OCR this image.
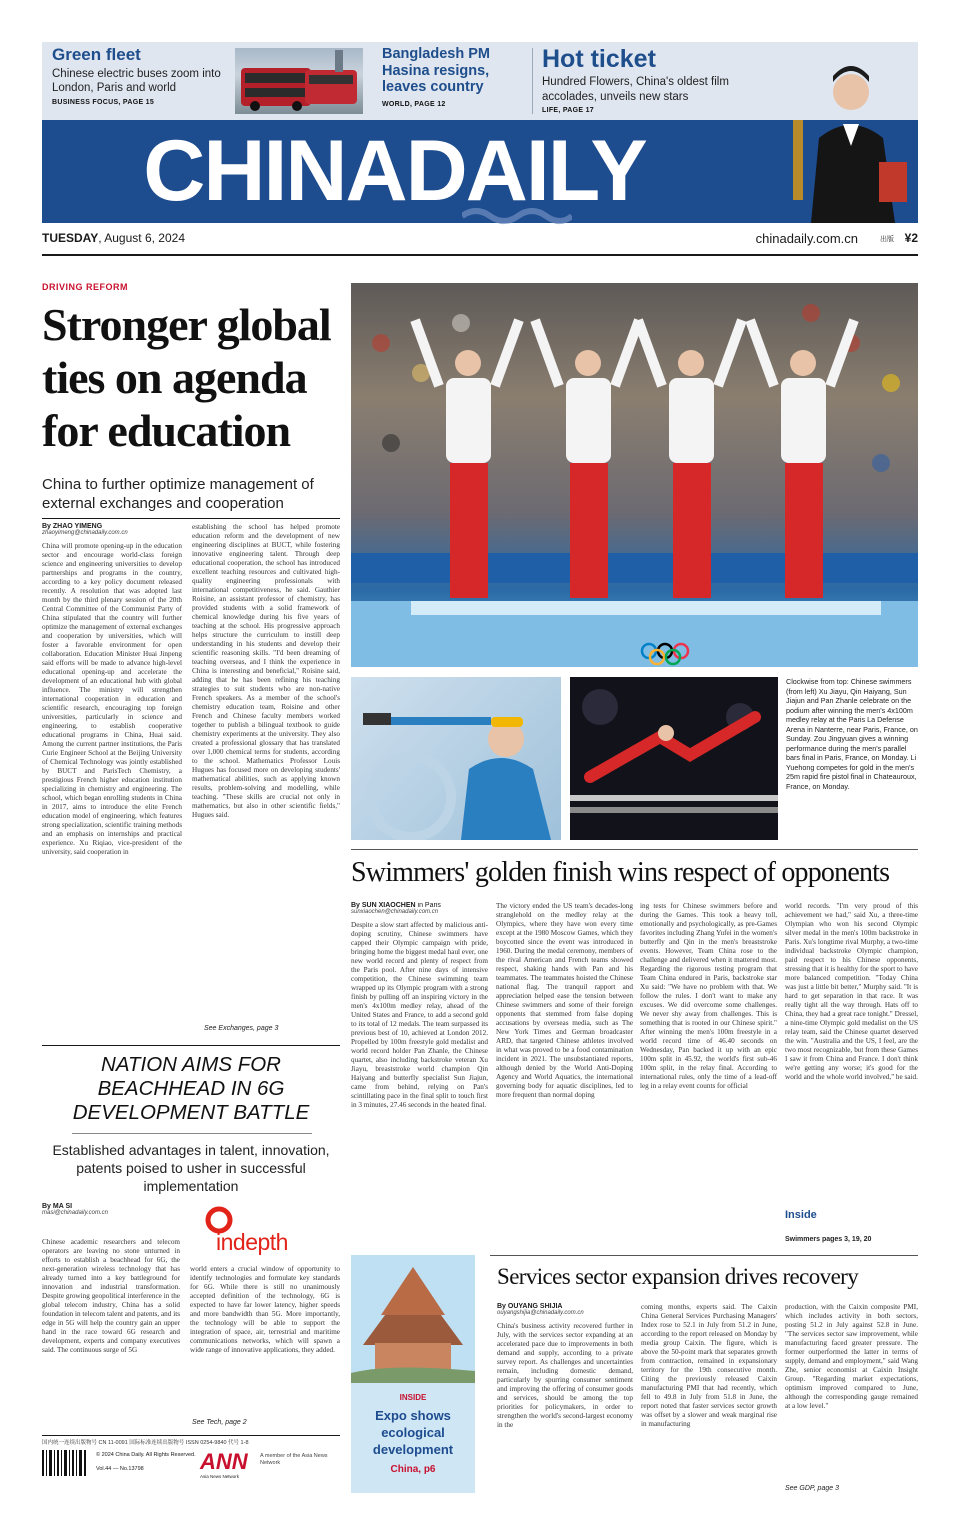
Green fleet

Chinese electric buses zoom into London, Paris and world

BUSINESS FOCUS, PAGE 15
Bangladesh PM Hasina resigns, leaves country
WORLD, PAGE 12
Hot ticket

Hundred Flowers, China's oldest film accolades, unveils new stars

LIFE, PAGE 17
CHINADAILY
TUESDAY, August 6, 2024	chinadaily.com.cn	出版 ¥2
DRIVING REFORM
Stronger global ties on agenda for education
China to further optimize management of external exchanges and cooperation
By ZHAO YIMENG
zhaoyimeng@chinadaily.com.cn

China will promote opening-up in the education sector and encourage world-class foreign science and engineering universities to develop partnerships and programs in the country, according to a key policy document released recently. A resolution that was adopted last month by the third plenary session of the 20th Central Committee of the Communist Party of China stipulated that the country will further optimize the management of external exchanges and cooperation by universities, which will foster a favorable environment for open collaboration. Education Minister Huai Jinpeng said efforts will be made to advance high-level educational opening-up and accelerate the development of an educational hub with global influence. The ministry will strengthen international cooperation in education and scientific research, encouraging top foreign universities, particularly in science and engineering, to establish cooperative educational programs in China, Huai said. Among the current partner institutions, the Paris Curie Engineer School at the Beijing University of Chemical Technology was jointly established by BUCT and ParisTech Chemistry, a prestigious French higher education institution specializing in chemistry and engineering. The school, which began enrolling students in China in 2017, aims to introduce the elite French education model of engineering, which features strong specialization, scientific training methods and an emphasis on internships and practical experience. Xu Riqiao, vice-president of the university, said cooperation in

establishing the school has helped promote education reform and the development of new engineering disciplines at BUCT, while fostering innovative engineering talent. Through deep educational cooperation, the school has introduced excellent teaching resources and cultivated high-quality engineering professionals with international competitiveness, he said. Gauthier Roisine, an assistant professor of chemistry, has provided students with a solid framework of chemical knowledge during his five years of teaching at the school. His progressive approach helps structure the curriculum to instill deep understanding in his students and develop their scientific reasoning skills. "I'd been dreaming of teaching overseas, and I think the experience in China is interesting and beneficial," Roisine said, adding that he has been refining his teaching strategies to suit students who are non-native French speakers. As a member of the school's chemistry education team, Roisine and other French and Chinese faculty members worked together to publish a bilingual textbook to guide chemistry experiments at the university. They also created a professional glossary that has translated over 1,000 chemical terms for students, according to the school. Mathematics Professor Louis Hugues has focused more on developing students' mathematical abilities, such as applying known results, problem-solving and modelling, while teaching. "These skills are crucial not only in mathematics, but also in other scientific fields," Hugues said.

See Exchanges, page 3
NATION AIMS FOR BEACHHEAD IN 6G DEVELOPMENT BATTLE
Established advantages in talent, innovation, patents poised to usher in successful implementation
By MA SI
masi@chinadaily.com.cn
indepth

Chinese academic researchers and telecom operators are leaving no stone unturned in efforts to establish a beachhead for 6G, the next-generation wireless technology that has already turned into a key battleground for innovation and industrial transformation. Despite growing geopolitical interference in the global telecom industry, China has a solid foundation in telecom talent and patents, and its edge in 5G will help the country gain an upper hand in the race toward 6G research and development, experts and company executives said. The continuous surge of 5G

world enters a crucial window of opportunity to identify technologies and formulate key standards for 6G. While there is still no unanimously accepted definition of the technology, 6G is expected to have far lower latency, higher speeds and more bandwidth than 5G. More importantly, the technology will be able to support the integration of space, air, terrestrial and maritime communications networks, which will spawn a wide range of innovative applications, they added.

See Tech, page 2
国内统一连续出版物号 CN 11-0091 国际标准连续出版物号 ISSN 0254-9840 代号 1-8
© 2024 China Daily. All Rights Reserved.
Vol.44 — No.13798	ANN
Asia News Network
A member of the Asia News Network
Clockwise from top: Chinese swimmers (from left) Xu Jiayu, Qin Haiyang, Sun Jiajun and Pan Zhanle celebrate on the podium after winning the men's 4x100m medley relay at the Paris La Defense Arena in Nanterre, near Paris, France, on Sunday. Zou Jingyuan gives a winning performance during the men's parallel bars final in Paris, France, on Monday. Li Yuehong competes for gold in the men's 25m rapid fire pistol final in Chateauroux, France, on Monday.
Swimmers' golden finish wins respect of opponents
By SUN XIAOCHEN in Paris
sunxiaochen@chinadaily.com.cn

Despite a slow start affected by malicious anti-doping scrutiny, Chinese swimmers have capped their Olympic campaign with pride, bringing home the biggest medal haul ever, one new world record and plenty of respect from the Paris pool. After nine days of intensive competition, the Chinese swimming team wrapped up its Olympic program with a strong finish by pulling off an inspiring victory in the men's 4x100m medley relay, ahead of the United States and France, to add a second gold to its total of 12 medals. The team surpassed its previous best of 10, achieved at London 2012. Propelled by 100m freestyle gold medalist and world record holder Pan Zhanle, the Chinese quartet, also including backstroke veteran Xu Jiayu, breaststroke world champion Qin Haiyang and butterfly specialist Sun Jiajun, came from behind, relying on Pan's scintillating pace in the final split to touch first in 3 minutes, 27.46 seconds in the heated final.

The victory ended the US team's decades-long stranglehold on the medley relay at the Olympics, where they have won every time except at the 1980 Moscow Games, which they boycotted since the event was introduced in 1960. During the medal ceremony, members of the rival American and French teams showed respect, shaking hands with Pan and his teammates. The teammates hoisted the Chinese national flag. The tranquil rapport and appreciation helped ease the tension between Chinese swimmers and some of their foreign opponents that stemmed from false doping accusations by overseas media, such as The New York Times and German broadcaster ARD, that targeted Chinese athletes involved in what was proved to be a food contamination incident in 2021. The unsubstantiated reports, although denied by the World Anti-Doping Agency and World Aquatics, the international governing body for aquatic disciplines, led to more frequent than normal doping

ing tests for Chinese swimmers before and during the Games. This took a heavy toll, emotionally and psychologically, as pre-Games favorites including Zhang Yufei in the women's butterfly and Qin in the men's breaststroke events. However, Team China rose to the challenge and delivered when it mattered most. Regarding the rigorous testing program that Team China endured in Paris, backstroke star Xu said: "We have no problem with that. We follow the rules. I don't want to make any excuses. We did overcome some challenges. We never shy away from challenges. This is something that is rooted in our Chinese spirit." After winning the men's 100m freestyle in a world record time of 46.40 seconds on Wednesday, Pan backed it up with an epic 100m split in 45.92, the world's first sub-46 100m split, in the relay final. According to international rules, only the time of a lead-off leg in a relay event counts for official

world records. "I'm very proud of this achievement we had," said Xu, a three-time Olympian who won his second Olympic silver medal in the men's 100m backstroke in Paris. Xu's longtime rival Murphy, a two-time individual backstroke Olympic champion, paid respect to his Chinese opponents, stressing that it is healthy for the sport to have more balanced competition. "Today China was just a little bit better," Murphy said. "It is hard to get separation in that race. It was really tight all the way through. Hats off to China, they had a great race tonight." Dressel, a nine-time Olympic gold medalist on the US relay team, said the Chinese quartet deserved the win. "Australia and the US, I feel, are the two most recognizable, but from these Games I saw it from China and France. I don't think we're getting any worse; it's good for the world and the whole world involved," he said.

Inside
Swimmers pages 3, 19, 20
INSIDE
Expo shows ecological development
China, p6
Services sector expansion drives recovery
By OUYANG SHIJIA
ouyangshijia@chinadaily.com.cn

China's business activity recovered further in July, with the services sector expanding at an accelerated pace due to improvements in both demand and supply, according to a private survey report. As challenges and uncertainties remain, including domestic demand, particularly by spurring consumer sentiment and improving the offering of consumer goods and services, should be among the top priorities for policymakers, in order to strengthen the world's second-largest economy in the

coming months, experts said. The Caixin China General Services Purchasing Managers' Index rose to 52.1 in July from 51.2 in June, according to the report released on Monday by media group Caixin. The figure, which is above the 50-point mark that separates growth from contraction, remained in expansionary territory for the 19th consecutive month. Citing the previously released Caixin manufacturing PMI that had recently, which fell to 49.8 in July from 51.8 in June, the report noted that faster services sector growth was offset by a slower and weak marginal rise in manufacturing

production, with the Caixin composite PMI, which includes activity in both sectors, posting 51.2 in July against 52.8 in June. "The services sector saw improvement, while manufacturing faced greater pressure. The former outperformed the latter in terms of supply, demand and employment," said Wang Zhe, senior economist at Caixin Insight Group. "Regarding market expectations, optimism improved compared to June, although the corresponding gauge remained at a low level."

See GDP, page 3
